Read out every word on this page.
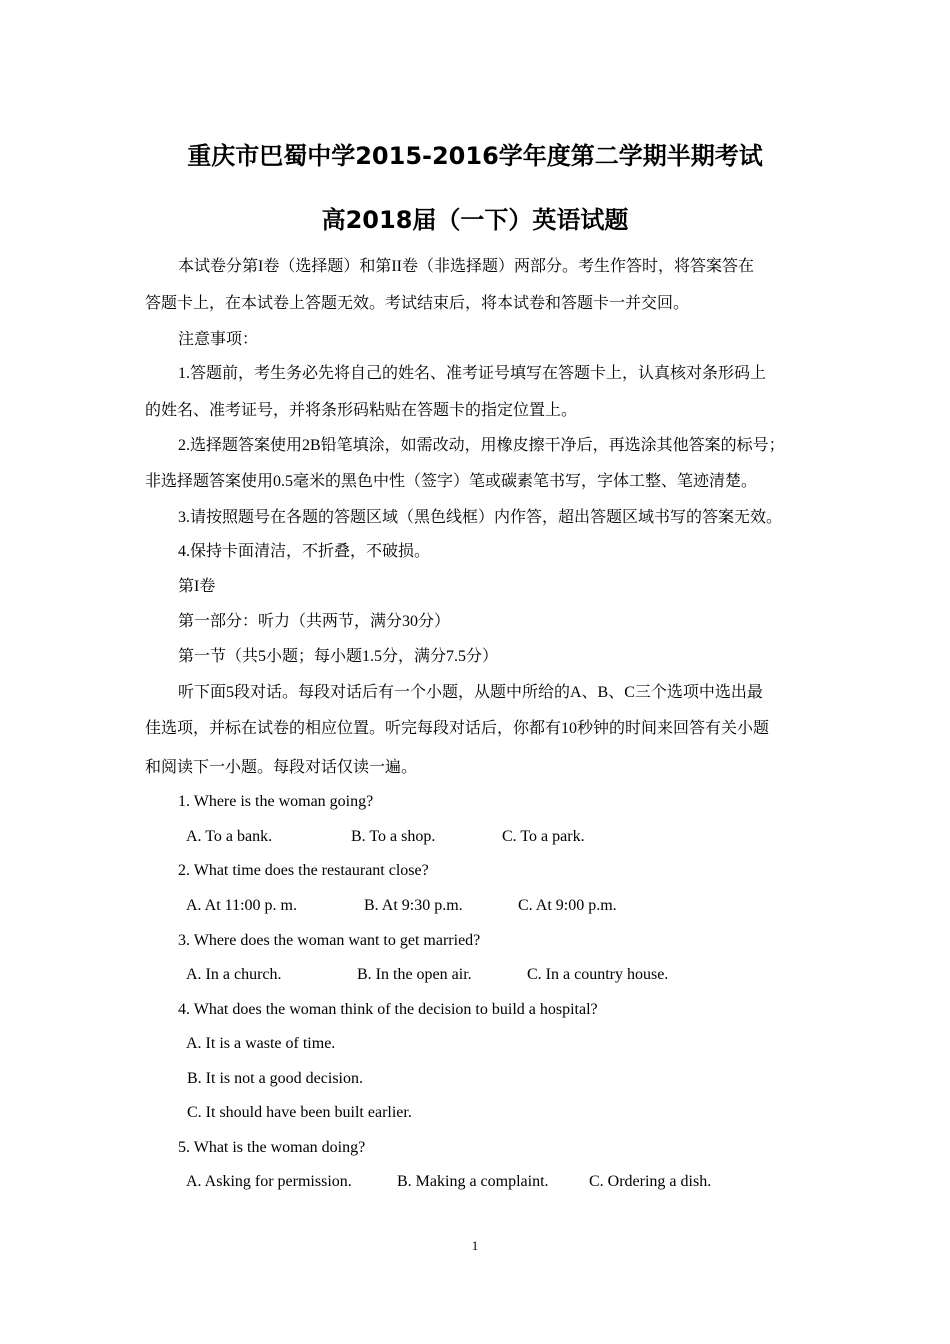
重庆市巴蜀中学2015-2016学年度第二学期半期考试
高2018届（一下）英语试题
本试卷分第I卷（选择题）和第II卷（非选择题）两部分。考生作答时，将答案答在
答题卡上，在本试卷上答题无效。考试结束后，将本试卷和答题卡一并交回。
注意事项：
1.答题前，考生务必先将自己的姓名、准考证号填写在答题卡上，认真核对条形码上
的姓名、准考证号，并将条形码粘贴在答题卡的指定位置上。
2.选择题答案使用2B铅笔填涂，如需改动，用橡皮擦干净后，再选涂其他答案的标号；
非选择题答案使用0.5毫米的黑色中性（签字）笔或碳素笔书写，字体工整、笔迹清楚。
3.请按照题号在各题的答题区域（黑色线框）内作答，超出答题区域书写的答案无效。
4.保持卡面清洁，不折叠，不破损。
第I卷
第一部分：听力（共两节，满分30分）
第一节（共5小题；每小题1.5分，满分7.5分）
听下面5段对话。每段对话后有一个小题，从题中所给的A、B、C三个选项中选出最
佳选项，并标在试卷的相应位置。听完每段对话后，你都有10秒钟的时间来回答有关小题
和阅读下一小题。每段对话仅读一遍。
1. Where is the woman going?
A. To a bank.	B. To a shop.	C. To a park.
2. What time does the restaurant close?
A. At 11:00 p. m.	B. At 9:30 p.m.	C. At 9:00 p.m.
3. Where does the woman want to get married?
A. In a church.	B. In the open air.	C. In a country house.
4. What does the woman think of the decision to build a hospital?
A. It is a waste of time.
B. It is not a good decision.
C. It should have been built earlier.
5. What is the woman doing?
A. Asking for permission.	B. Making a complaint.	C. Ordering a dish.
1
